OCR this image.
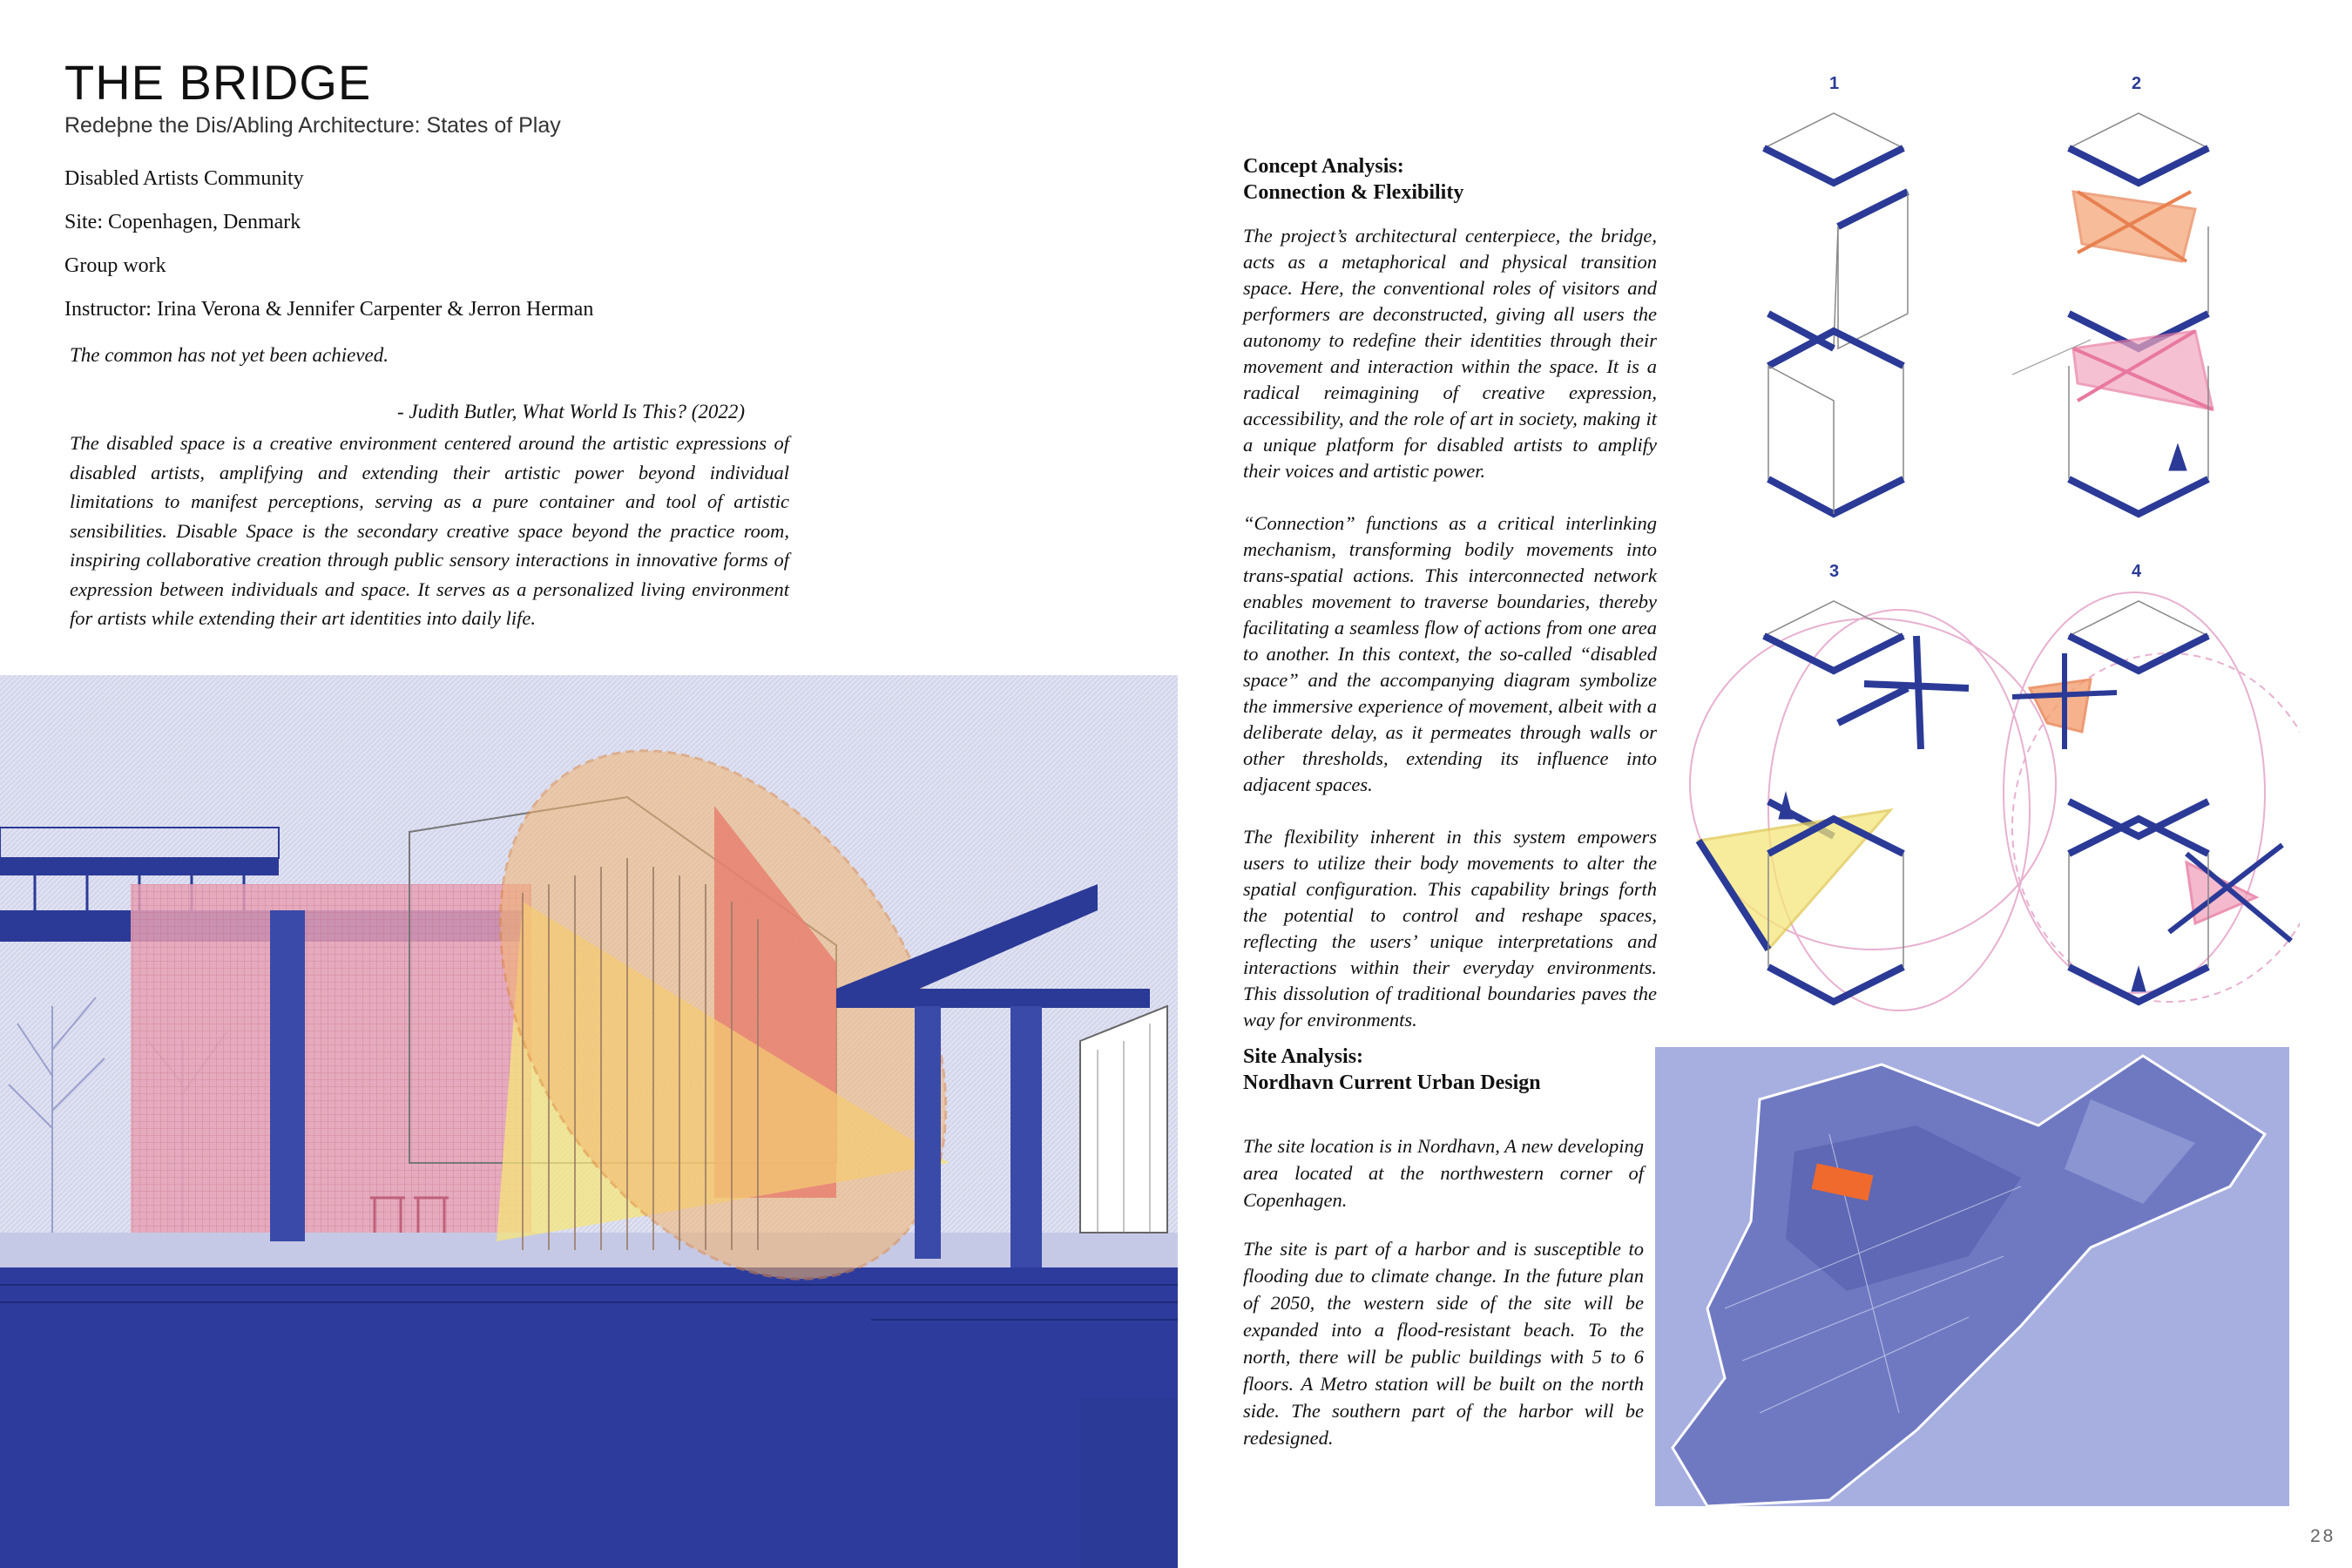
THE BRIDGE
Redeþne the Dis/Abling Architecture: States of Play
Disabled Artists Community
Site: Copenhagen, Denmark
Group work
Instructor: Irina Verona & Jennifer Carpenter & Jerron Herman
The common has not yet been achieved.
- Judith Butler, What World Is This? (2022)
The disabled space is a creative environment centered around the artistic expressions of disabled artists, amplifying and extending their artistic power beyond individual limitations to manifest perceptions, serving as a pure container and tool of artistic sensibilities. Disable Space is the secondary creative space beyond the practice room, inspiring collaborative creation through public sensory interactions in innovative forms of expression between individuals and space. It serves as a personalized living environment for artists while extending their art identities into daily life.
Concept Analysis:
Connection & Flexibility
The project’s architectural centerpiece, the bridge, acts as a metaphorical and physical transition space. Here, the conventional roles of visitors and performers are deconstructed, giving all users the autonomy to redefine their identities through their movement and interaction within the space. It is a radical reimagining of creative expression, accessibility, and the role of art in society, making it a unique platform for disabled artists to amplify their voices and artistic power.
“Connection” functions as a critical interlinking mechanism, transforming bodily movements into trans-spatial actions. This interconnected network enables movement to traverse boundaries, thereby facilitating a seamless flow of actions from one area to another. In this context, the so-called “disabled space” and the accompanying diagram symbolize the immersive experience of movement, albeit with a deliberate delay, as it permeates through walls or other thresholds, extending its influence into adjacent spaces.
The flexibility inherent in this system empowers users to utilize their body movements to alter the spatial configuration. This capability brings forth the potential to control and reshape spaces, reflecting the users’ unique interpretations and interactions within their everyday environments. This dissolution of traditional boundaries paves the way for environments.
Site Analysis:
Nordhavn Current Urban Design
The site location is in Nordhavn, A new developing area located at the northwestern corner of Copenhagen.
The site is part of a harbor and is susceptible to flooding due to climate change. In the future plan of 2050, the western side of the site will be expanded into a flood-resistant beach. To the north, there will be public buildings with 5 to 6 floors. A Metro station will be built on the north side. The southern part of the harbor will be redesigned.
1	2
3	4
28
